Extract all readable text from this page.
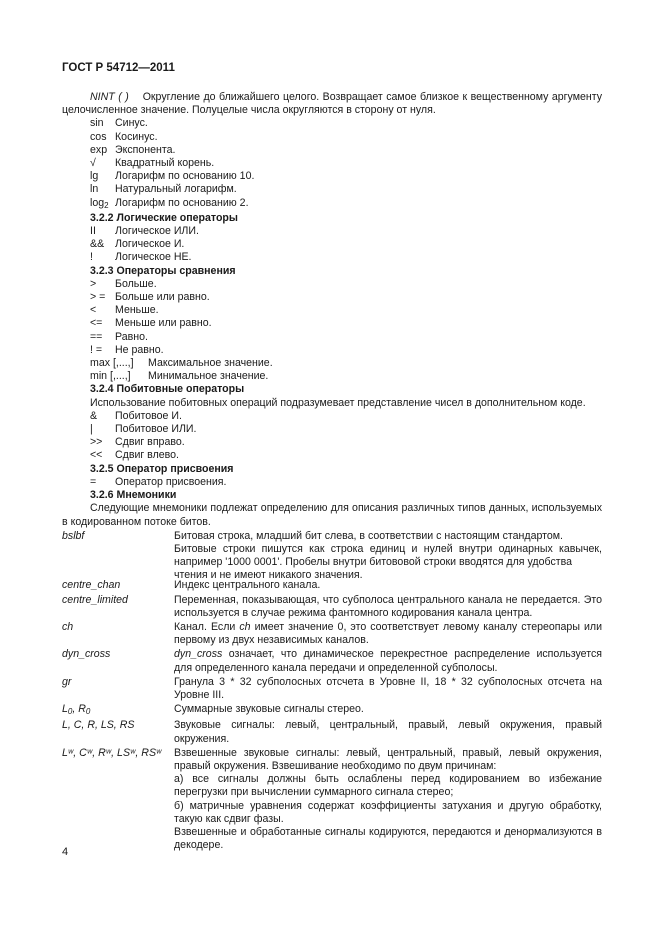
ГОСТ Р 54712—2011

NINT ( ) Округление до ближайшего целого. Возвращает самое близкое к вещественному аргументу целочисленное значение. Полуцелые числа округляются в сторону от нуля.

sin	Синус.
cos Косинус.
exp Экспонента.
√	Квадратный корень.
lg	Логарифм по основанию 10.
ln	Натуральный логарифм.
$\log_2$ Логарифм по основанию 2.
3.2.2 Логические операторы
II	Логическое ИЛИ.
&&	Логическое И.
!	Логическое НЕ.
3.2.3 Операторы сравнения
>	Больше.
> = Больше или равно.
<	Меньше.
<=	Меньше или равно.
==	Равно.
! =	Не равно.
max [,...,]	Максимальное значение.
min [,...,]	Минимальное значение.
3.2.4 Побитовные операторы
Использование побитовных операций подразумевает представление чисел в дополнительном коде.
&	Побитовое И.
|	Побитовое ИЛИ.
>>	Сдвиг вправо.
<<	Сдвиг влево.
3.2.5 Оператор присвоения
=	Оператор присвоения.
3.2.6 Мнемоники

Следующие мнемоники подлежат определению для описания различных типов данных, используемых в кодированном потоке битов.

bslbf	Битовая строка, младший бит слева, в соответствии с настоящим стандартом.
Битовые строки пишутся как строка единиц и нулей внутри одинарных кавычек, например '1000 0001'. Пробелы внутри битововой строки вводятся для удобства
чтения и не имеют никакого значения.
centre_chan	Индекс центрального канала.
centre_limited	Переменная, показывающая, что субполоса центрального канала не передается. Это используется в случае режима фантомного кодирования канала центра.
ch	Канал. Если ch имеет значение 0, это соответствует левому каналу стереопары или первому из двух независимых каналов.
dyn_cross	dyn_cross означает, что динамическое перекрестное распределение используется для определенного канала передачи и определенной субполосы.
gr	Гранула 3 * 32 субполосных отсчета в Уровне II, 18 * 32 субполосных отсчета на Уровне III.
$L_0$, $R_0$	Суммарные звуковые сигналы стерео.
L, C, R, LS, RS	Звуковые сигналы: левый, центральный, правый, левый окружения, правый окружения.
Lʷ, Cʷ, Rʷ, LSʷ, RSʷ	Взвешенные звуковые сигналы: левый, центральный, правый, левый окружения, правый окружения. Взвешивание необходимо по двум причинам:
а) все сигналы должны быть ослаблены перед кодированием во избежание перегрузки при вычислении суммарного сигнала стерео;
б) матричные уравнения содержат коэффициенты затухания и другую обработку, такую как сдвиг фазы.
Взвешенные и обработанные сигналы кодируются, передаются и денормализуются в декодере.
4
